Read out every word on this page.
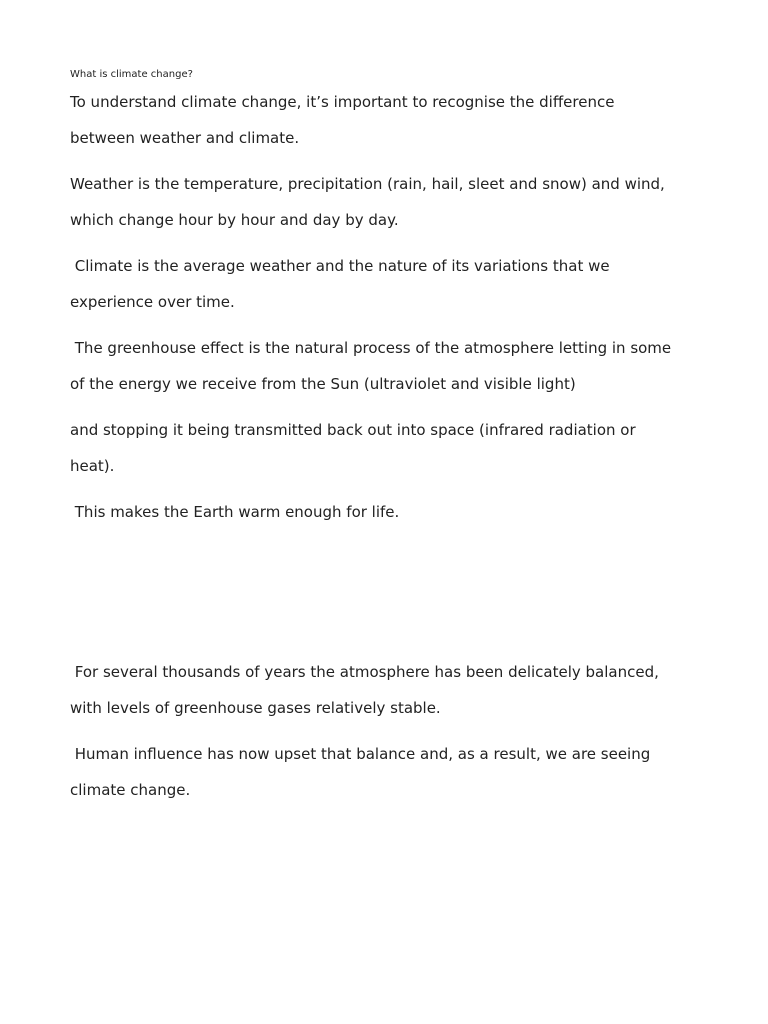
What is climate change?
To understand climate change, it’s important to recognise the difference
between weather and climate.
Weather is the temperature, precipitation (rain, hail, sleet and snow) and wind,
which change hour by hour and day by day.
Climate is the average weather and the nature of its variations that we
experience over time.
The greenhouse effect is the natural process of the atmosphere letting in some
of the energy we receive from the Sun (ultraviolet and visible light)
and stopping it being transmitted back out into space (infrared radiation or
heat).
This makes the Earth warm enough for life.
For several thousands of years the atmosphere has been delicately balanced,
with levels of greenhouse gases relatively stable.
Human influence has now upset that balance and, as a result, we are seeing
climate change.
